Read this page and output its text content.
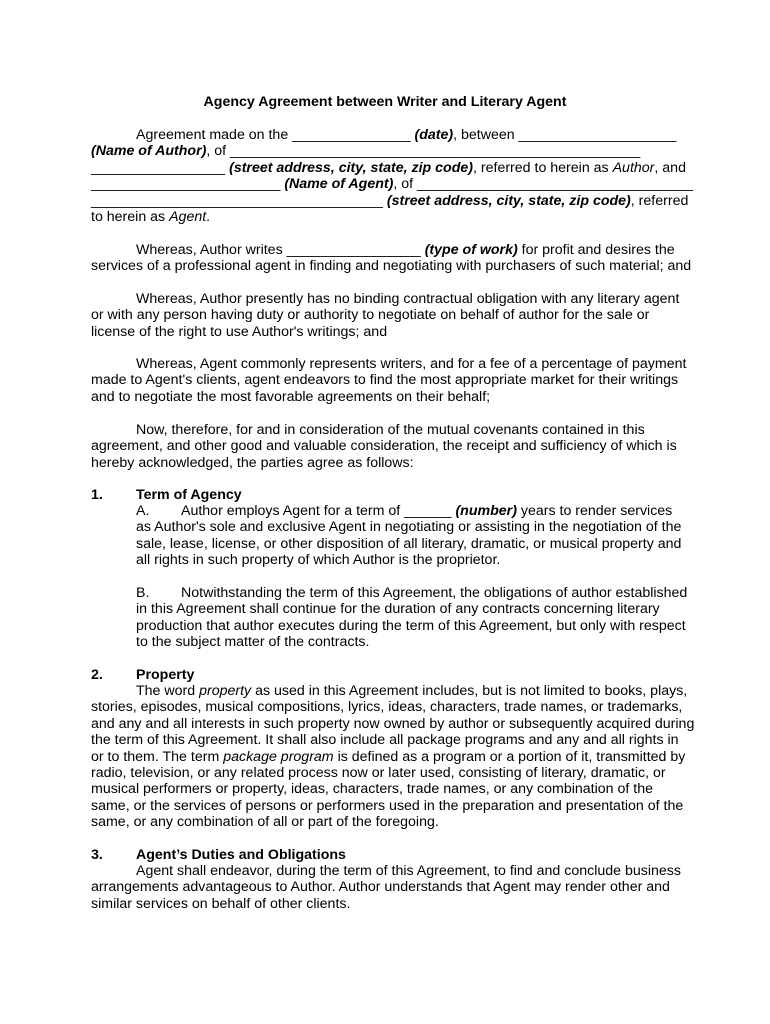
Agency Agreement between Writer and Literary Agent
Agreement made on the _______________ (date), between ____________________
(Name of Author), of ____________________________________________________
_________________ (street address, city, state, zip code), referred to herein as Author, and
________________________ (Name of Agent), of ___________________________________
_____________________________________ (street address, city, state, zip code), referred
to herein as Agent.
Whereas, Author writes _________________ (type of work) for profit and desires the
services of a professional agent in finding and negotiating with purchasers of such material; and
Whereas, Author presently has no binding contractual obligation with any literary agent
or with any person having duty or authority to negotiate on behalf of author for the sale or
license of the right to use Author's writings; and
Whereas, Agent commonly represents writers, and for a fee of a percentage of payment
made to Agent's clients, agent endeavors to find the most appropriate market for their writings
and to negotiate the most favorable agreements on their behalf;
Now, therefore, for and in consideration of the mutual covenants contained in this
agreement, and other good and valuable consideration, the receipt and sufficiency of which is
hereby acknowledged, the parties agree as follows:
1. Term of Agency
A. Author employs Agent for a term of ______ (number) years to render services
as Author's sole and exclusive Agent in negotiating or assisting in the negotiation of the
sale, lease, license, or other disposition of all literary, dramatic, or musical property and
all rights in such property of which Author is the proprietor.
B. Notwithstanding the term of this Agreement, the obligations of author established
in this Agreement shall continue for the duration of any contracts concerning literary
production that author executes during the term of this Agreement, but only with respect
to the subject matter of the contracts.
2. Property
The word property as used in this Agreement includes, but is not limited to books, plays,
stories, episodes, musical compositions, lyrics, ideas, characters, trade names, or trademarks,
and any and all interests in such property now owned by author or subsequently acquired during
the term of this Agreement. It shall also include all package programs and any and all rights in
or to them. The term package program is defined as a program or a portion of it, transmitted by
radio, television, or any related process now or later used, consisting of literary, dramatic, or
musical performers or property, ideas, characters, trade names, or any combination of the
same, or the services of persons or performers used in the preparation and presentation of the
same, or any combination of all or part of the foregoing.
3. Agent’s Duties and Obligations
Agent shall endeavor, during the term of this Agreement, to find and conclude business
arrangements advantageous to Author. Author understands that Agent may render other and
similar services on behalf of other clients.
